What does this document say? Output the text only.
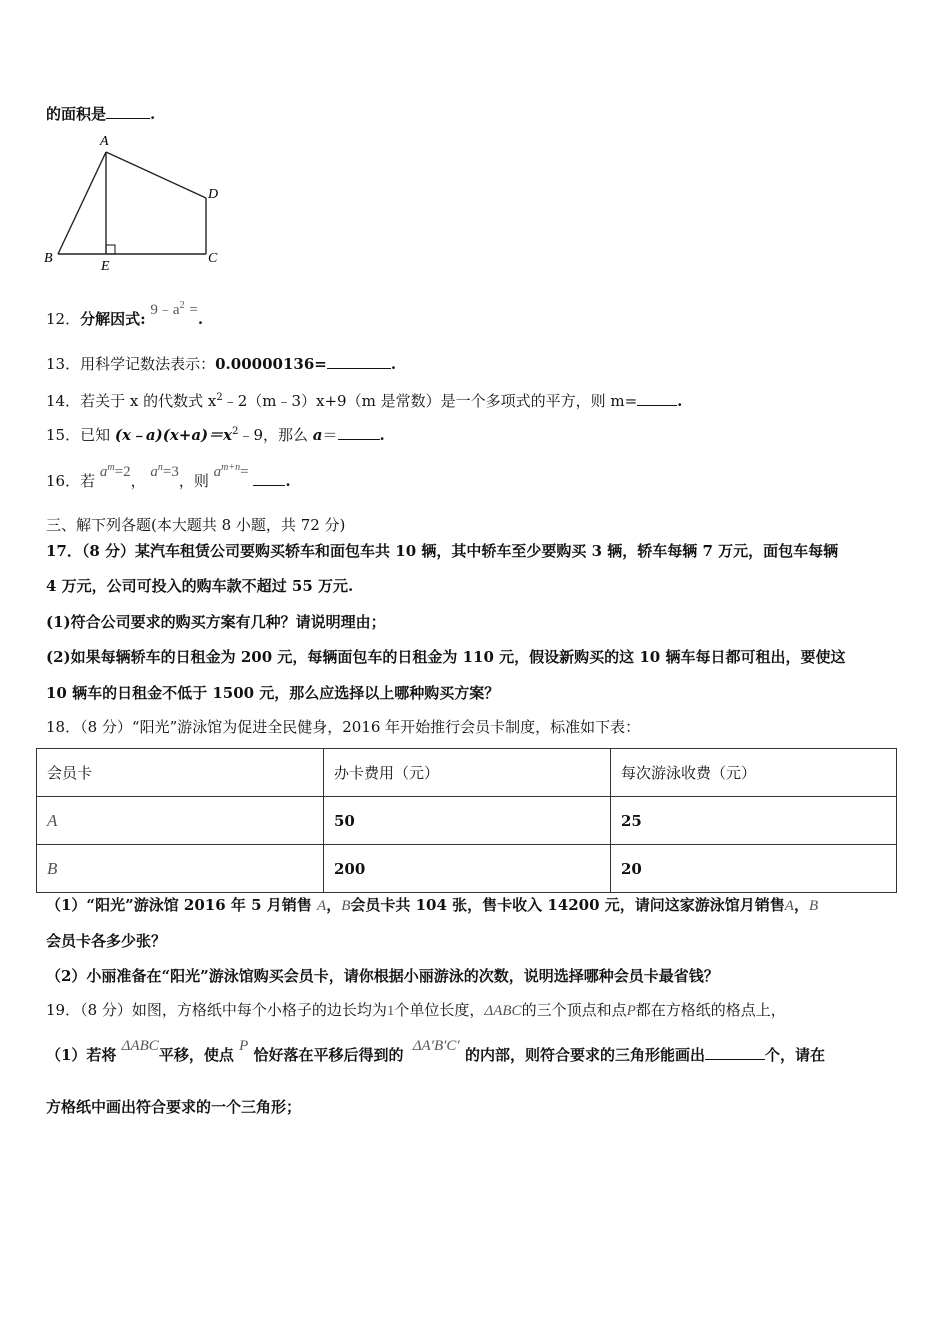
的面积是	.
A
B	C
D
E
12．分解因式: $9﹣a^2$ =.
13．用科学记数法表示：0.00000136=	.
14．若关于 x 的代数式 $x^2﹣2(m﹣3)x+9(m$ 是常数）是一个多项式的平方，则 m=	.
15．已知 $(x﹣a)(x+a)=x^2﹣9$，那么 a＝	.
16．若 $a^m=2$， $a^n=3$，则 $a^{m+n}=$ .
三、解下列各题(本大题共 8 小题，共 72 分)
17．（8 分）某汽车租赁公司要购买轿车和面包车共 10 辆，其中轿车至少要购买 3 辆，轿车每辆 7 万元，面包车每辆
4 万元，公司可投入的购车款不超过 55 万元.
(1)符合公司要求的购买方案有几种？请说明理由；
(2)如果每辆轿车的日租金为 200 元，每辆面包车的日租金为 110 元，假设新购买的这 10 辆车每日都可租出，要使这
10 辆车的日租金不低于 1500 元，那么应选择以上哪种购买方案？
18．（8 分）“阳光”游泳馆为促进全民健身，2016 年开始推行会员卡制度，标准如下表：
会员卡	办卡费用（元）	每次游泳收费（元）
A	50	25
B	200	20
（1）“阳光”游泳馆 2016 年 5 月销售 A，B会员卡共 104 张，售卡收入 14200 元，请问这家游泳馆月销售A，B
会员卡各多少张？
（2）小丽准备在“阳光”游泳馆购买会员卡，请你根据小丽游泳的次数，说明选择哪种会员卡最省钱？
19．（8 分）如图，方格纸中每个小格子的边长均为1个单位长度，ΔABC的三个顶点和点P都在方格纸的格点上，
（1）若将 ΔABC平移，使点 P 恰好落在平移后得到的 ΔA′B′C′ 的内部，则符合要求的三角形能画出	个，请在
方格纸中画出符合要求的一个三角形；
